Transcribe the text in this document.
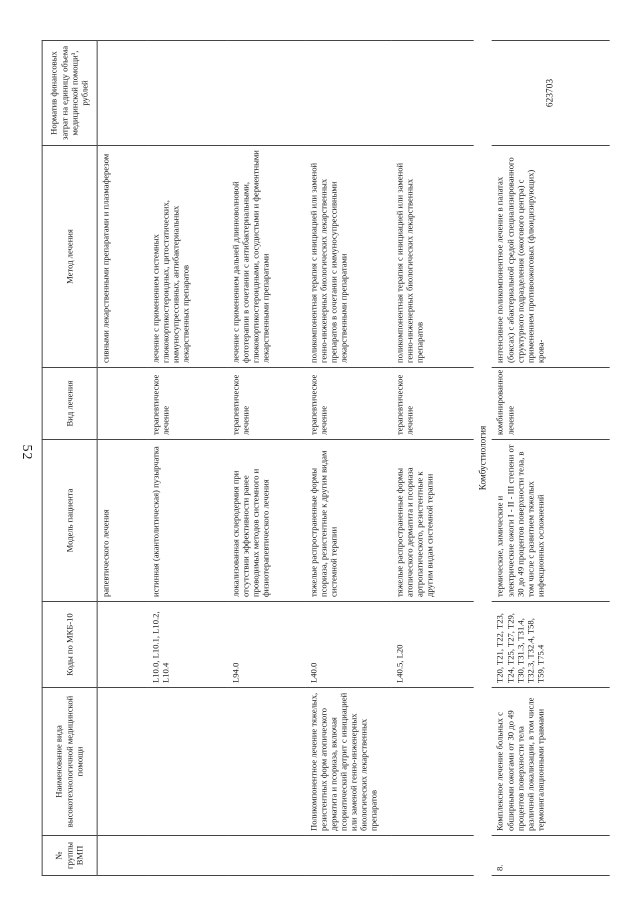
№ группы ВМП	Наименование вида высокотехнологичной медицинской помощи	Коды по МКБ-10	Модель пациента	Вид лечения	Метод лечения	Норматив финансовых затрат на единицу объема медицинской помощи³, рублей
			рапевтического лечения		сивными лекарственными препаратами и плазмаферезом	
		L10.0, L10.1, L10.2, L10.4	истинная (акантолитическая) пузырчатка	терапевтическое лечение	лечение с применением системных глюкокортикостероидных, цитостатических, иммуносупрессивных, антибактериальных лекарственных препаратов	
		L94.0	локализованная склеродермия при отсутствии эффективности ранее проводимых методов системного и физиотерапевтического лечения	терапевтическое лечение	лечение с применением дальней длинноволновой фототерапии в сочетании с антибактериальными, глюкокортикостероидными, сосудистыми и ферментными лекарственными препаратами	
	Поликомпонентное лечение тяжелых, резистентных форм атопического дерматита и псориаза, включая псориатический артрит с инициацией или заменой генно-инженерных биологических лекарственных препаратов	L40.0	тяжелые распространенные формы псориаза, резистентные к другим видам системной терапии	терапевтическое лечение	поликомпонентная терапия с инициацией или заменой генно-инженерных биологических лекарственных препаратов в сочетании с иммуносупрессивными лекарственными препаратами	
		L40.5, L20	тяжелые распространенные формы атопического дерматита и псориаза артропатического, резистентные к другим видам системной терапии	терапевтическое лечение	поликомпонентная терапия с инициацией или заменой генно-инженерных биологических лекарственных препаратов	
Комбустиология						
8.	Комплексное лечение больных с обширными ожогами от 30 до 49 процентов поверхности тела различной локализации, в том числе термоингаляционными травмами	T20, T21, T22, T23, T24, T25, T27, T29, T30, T31.3, T31.4, T32.3, T32.4, T58, T59, T75.4	термические, химические и электрические ожоги I - II - III степени от 30 до 49 процентов поверхности тела, в том числе с развитием тяжелых инфекционных осложнений	комбинированное лечение	интенсивное поликомпонентное лечение в палатах (боксах) с абактериальной средой специализированного структурного подразделения (ожогового центра) с применением противоожоговых (флюидизирующих) крова-	623703
52
